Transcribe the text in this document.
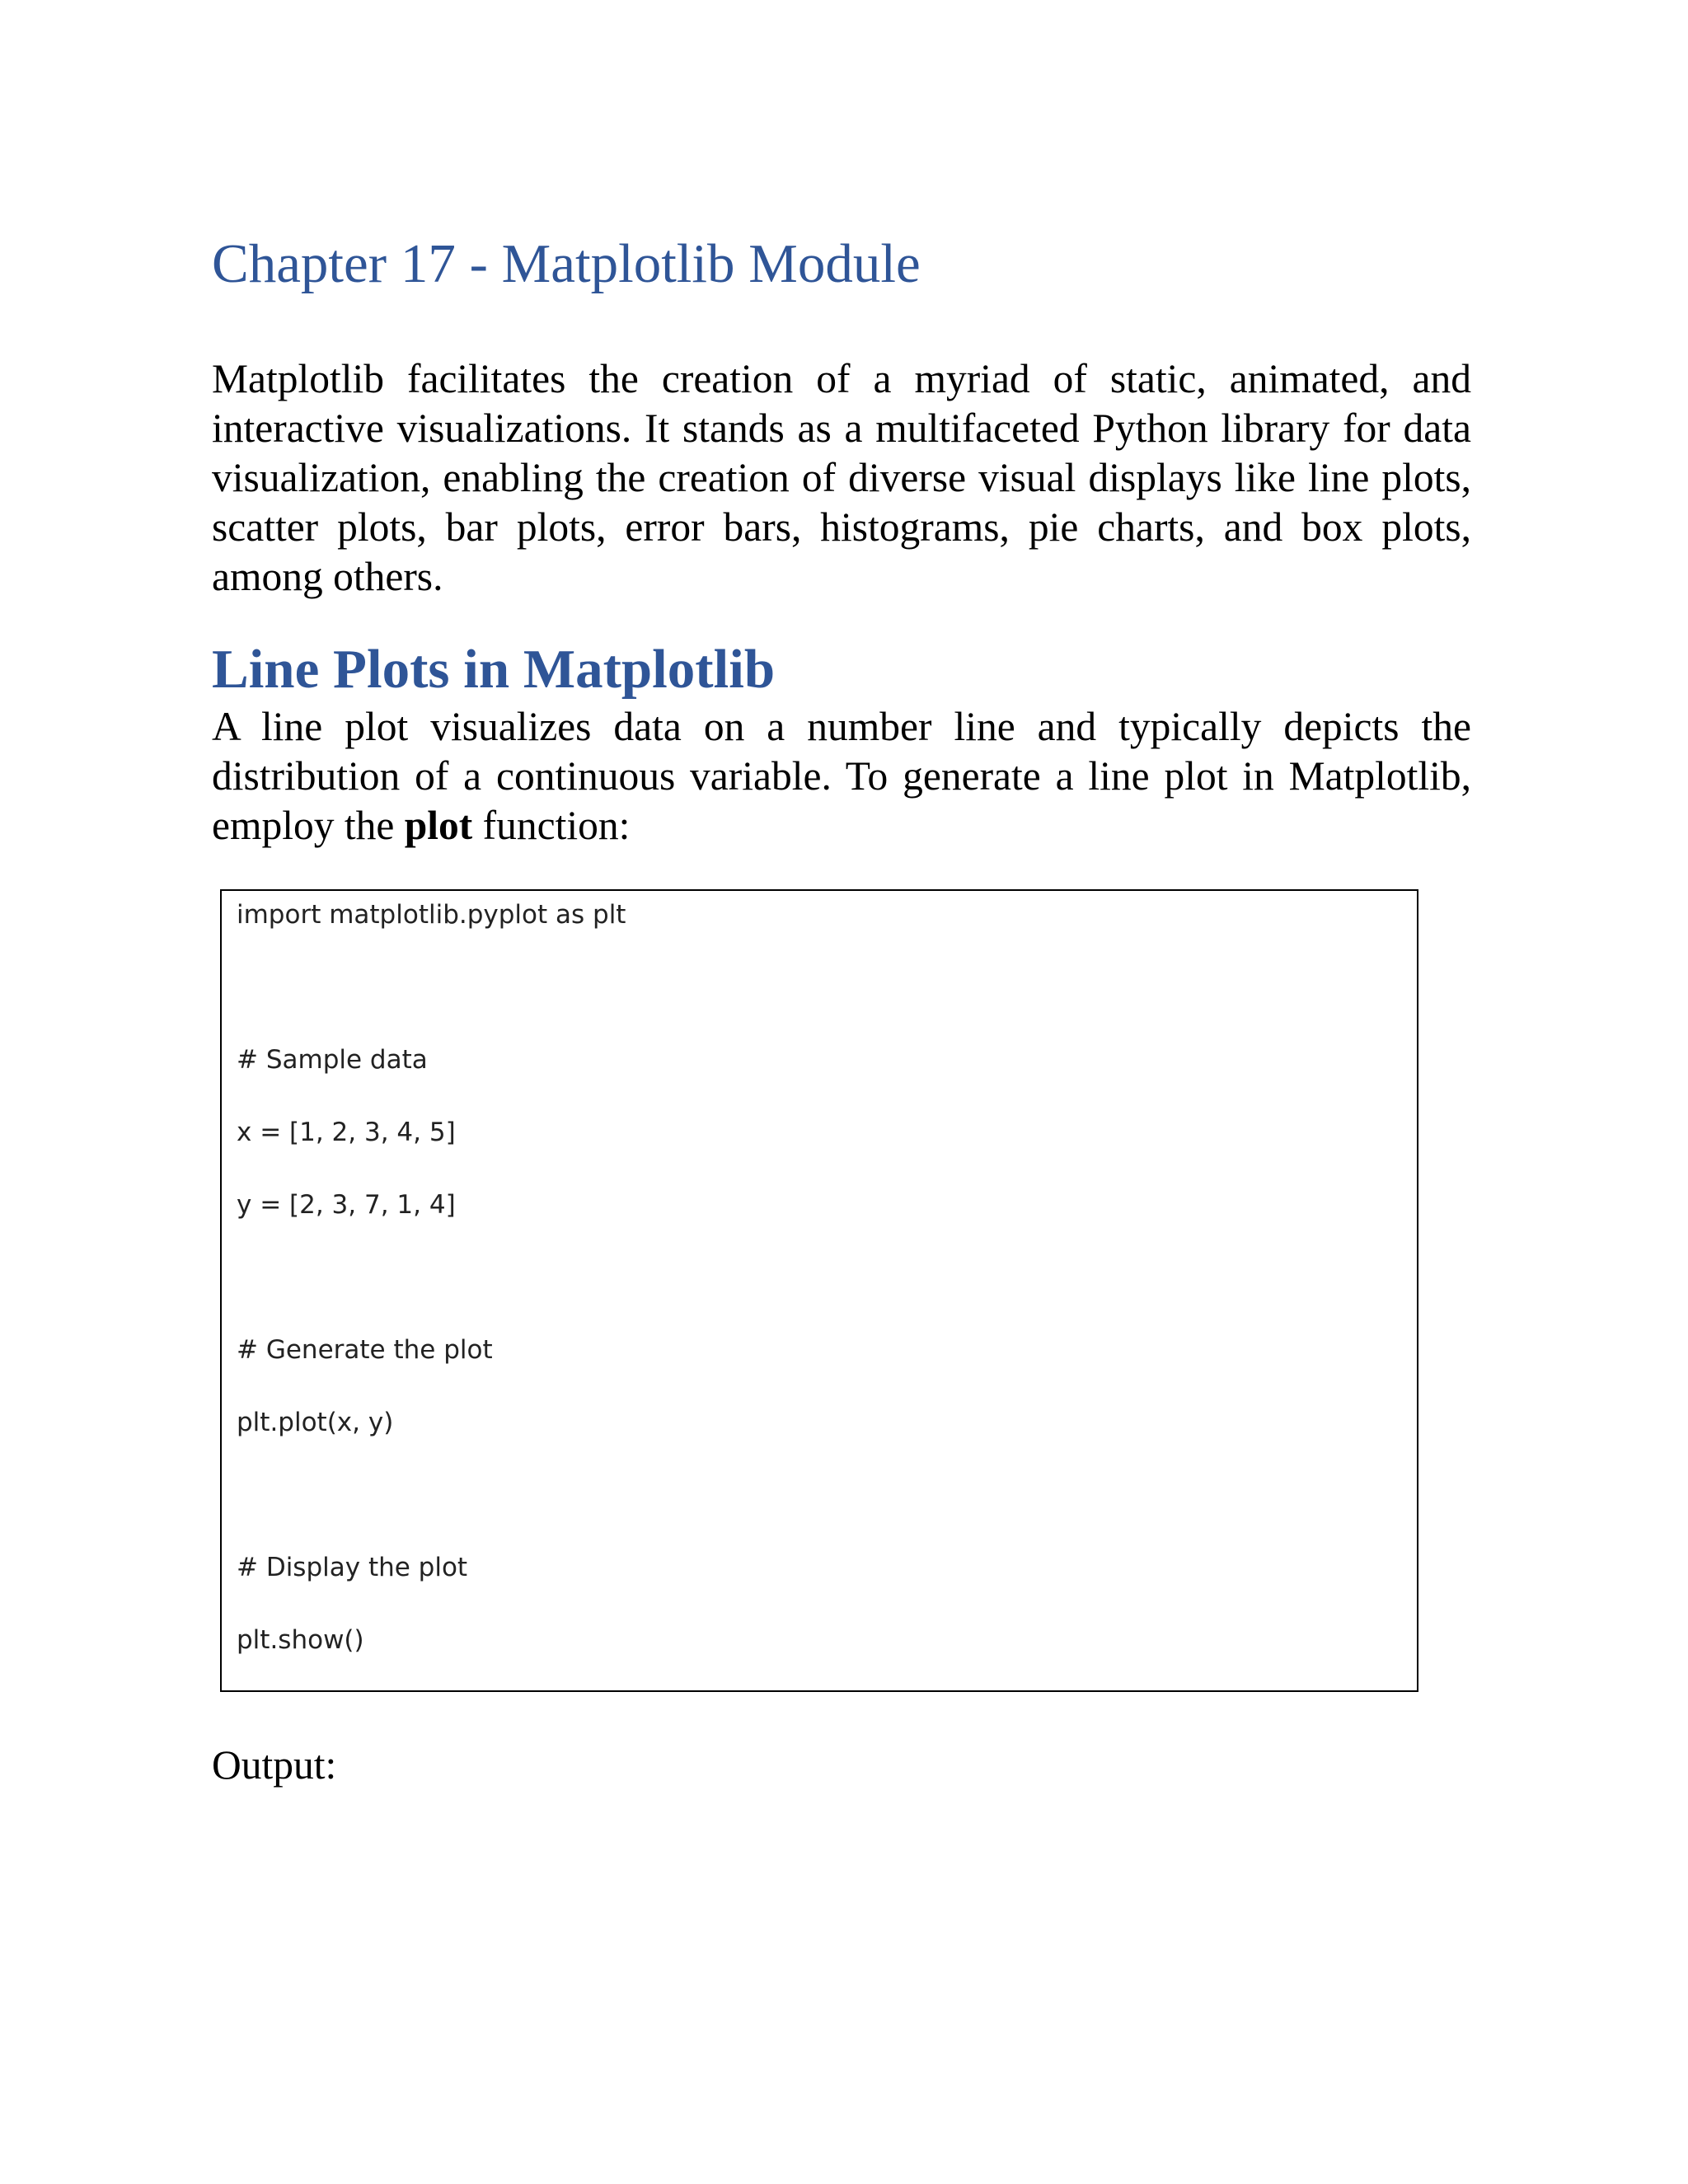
Chapter 17 - Matplotlib Module

Matplotlib facilitates the creation of a myriad of static, animated, and interactive visualizations. It stands as a multifaceted Python library for data visualization, enabling the creation of diverse visual displays like line plots, scatter plots, bar plots, error bars, histograms, pie charts, and box plots, among others.

Line Plots in Matplotlib

A line plot visualizes data on a number line and typically depicts the distribution of a continuous variable. To generate a line plot in Matplotlib, employ the plot function:

import matplotlib.pyplot as plt
# Sample data
x = [1, 2, 3, 4, 5]
y = [2, 3, 7, 1, 4]
# Generate the plot
plt.plot(x, y)
# Display the plot
plt.show()

Output:
